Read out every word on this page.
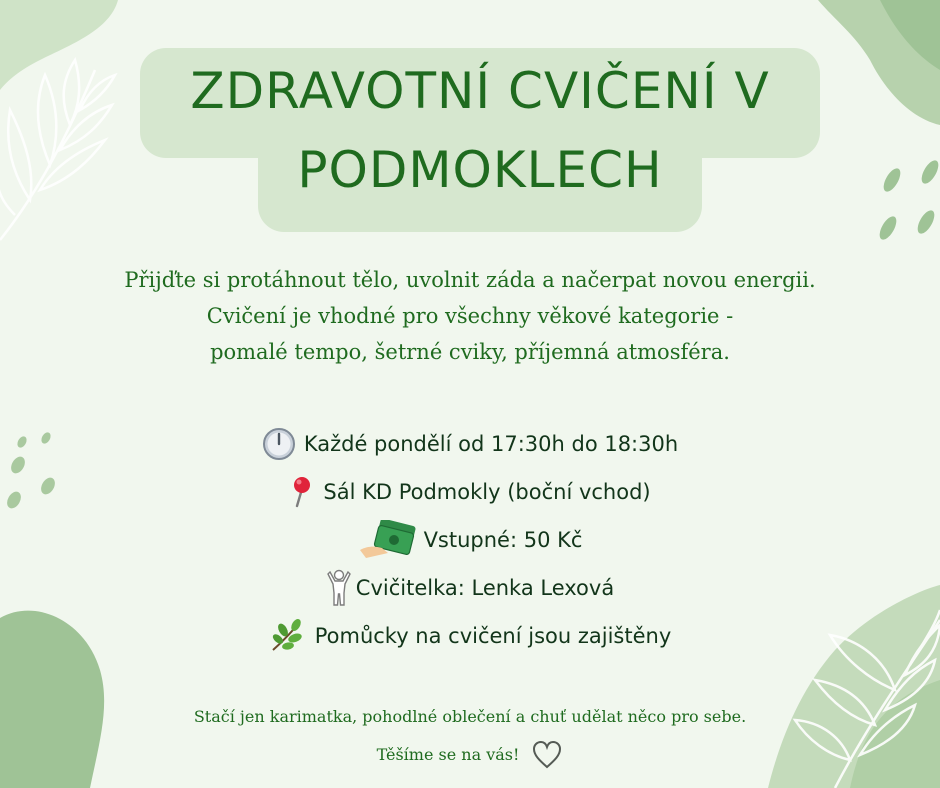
ZDRAVOTNÍ CVIČENÍ V
PODMOKLECH
Přijďte si protáhnout tělo, uvolnit záda a načerpat novou energii.
Cvičení je vhodné pro všechny věkové kategorie -
pomalé tempo, šetrné cviky, příjemná atmosféra.
Každé pondělí od 17:30h do 18:30h
Sál KD Podmokly (boční vchod)
Vstupné: 50 Kč
Cvičitelka: Lenka Lexová
Pomůcky na cvičení jsou zajištěny
Stačí jen karimatka, pohodlné oblečení a chuť udělat něco pro sebe.
Těšíme se na vás!
